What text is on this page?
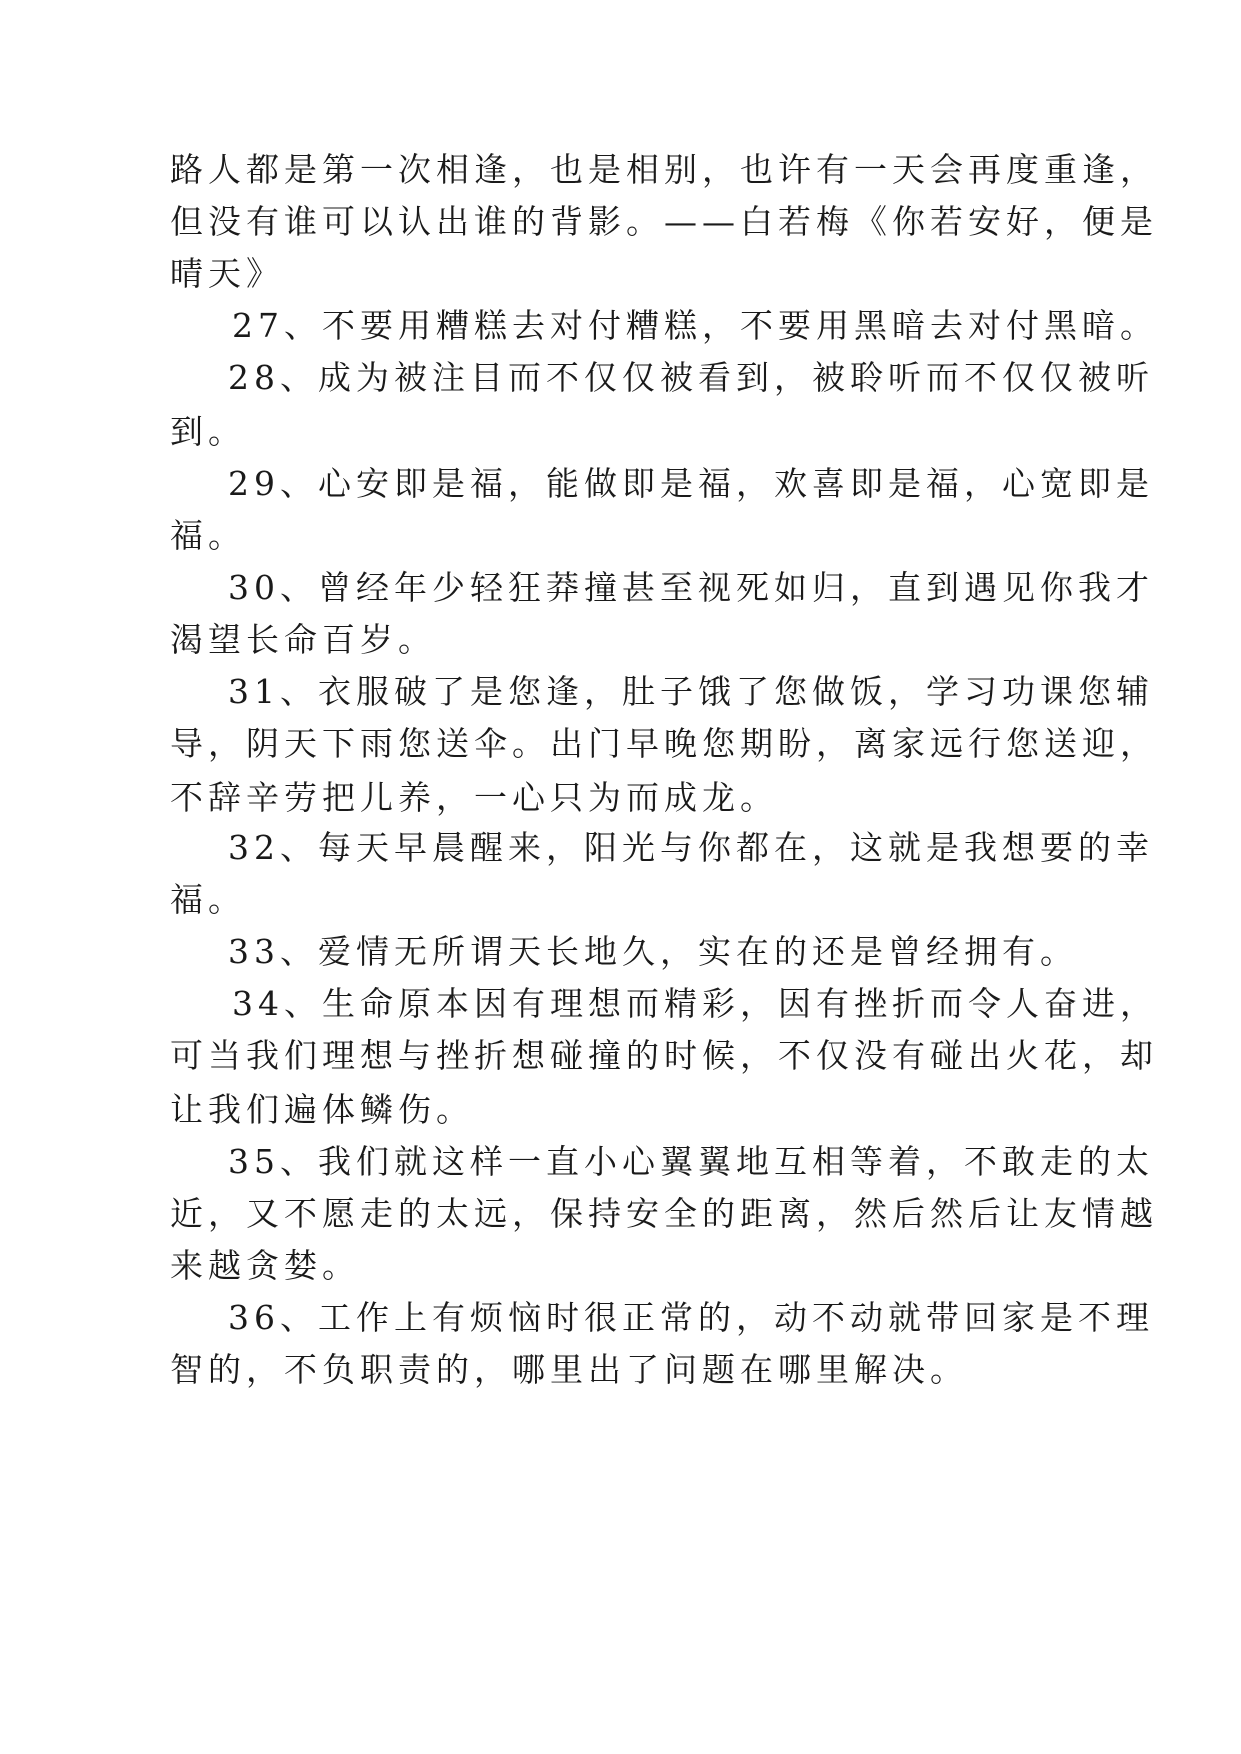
路人都是第一次相逢，也是相别，也许有一天会再度重逢，
但没有谁可以认出谁的背影。——白若梅《你若安好，便是
晴天》
27、不要用糟糕去对付糟糕，不要用黑暗去对付黑暗。
28、成为被注目而不仅仅被看到，被聆听而不仅仅被听
到。
29、心安即是福，能做即是福，欢喜即是福，心宽即是
福。
30、曾经年少轻狂莽撞甚至视死如归，直到遇见你我才
渴望长命百岁。
31、衣服破了是您逢，肚子饿了您做饭，学习功课您辅
导，阴天下雨您送伞。出门早晚您期盼，离家远行您送迎，
不辞辛劳把儿养，一心只为而成龙。
32、每天早晨醒来，阳光与你都在，这就是我想要的幸
福。
33、爱情无所谓天长地久，实在的还是曾经拥有。
34、生命原本因有理想而精彩，因有挫折而令人奋进，
可当我们理想与挫折想碰撞的时候，不仅没有碰出火花，却
让我们遍体鳞伤。
35、我们就这样一直小心翼翼地互相等着，不敢走的太
近，又不愿走的太远，保持安全的距离，然后然后让友情越
来越贪婪。
36、工作上有烦恼时很正常的，动不动就带回家是不理
智的，不负职责的，哪里出了问题在哪里解决。
